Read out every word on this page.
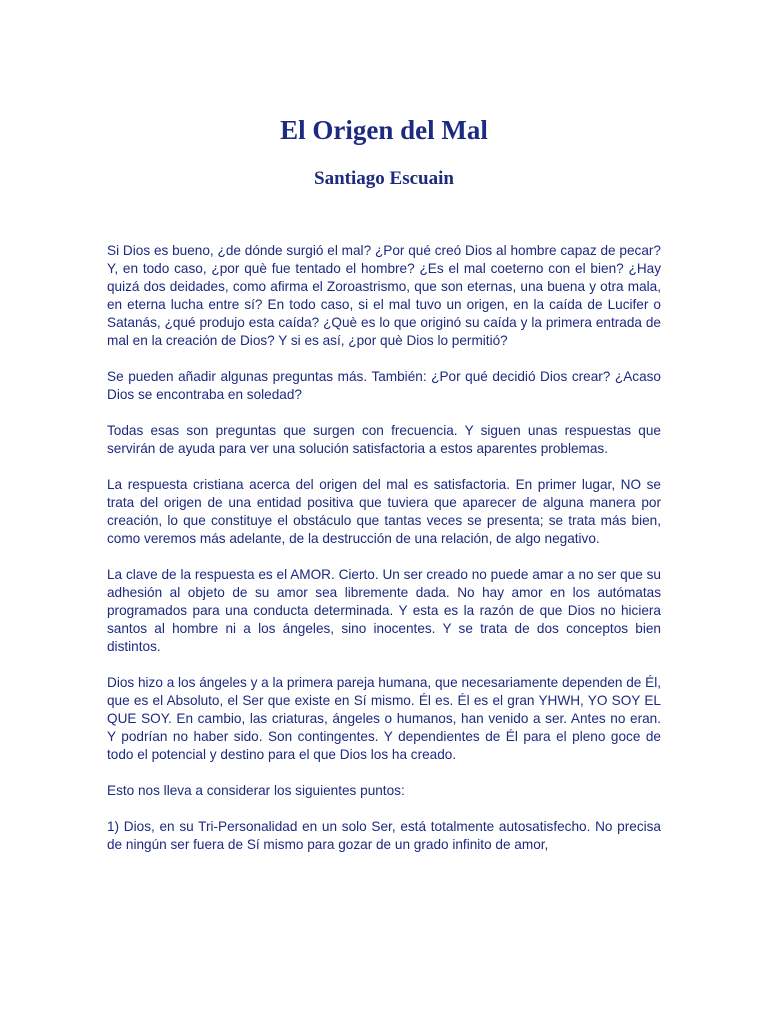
El Origen del Mal
Santiago Escuain

Si Dios es bueno, ¿de dónde surgió el mal? ¿Por qué creó Dios al hombre capaz de pecar? Y, en todo caso, ¿por què fue tentado el hombre? ¿Es el mal coeterno con el bien? ¿Hay quizá dos deidades, como afirma el Zoroastrismo, que son eternas, una buena y otra mala, en eterna lucha entre sí? En todo caso, si el mal tuvo un origen, en la caída de Lucifer o Satanás, ¿qué produjo esta caída? ¿Què es lo que originó su caída y la primera entrada de mal en la creación de Dios? Y si es así, ¿por què Dios lo permitió?

Se pueden añadir algunas preguntas más. También: ¿Por qué decidió Dios crear? ¿Acaso Dios se encontraba en soledad?

Todas esas son preguntas que surgen con frecuencia. Y siguen unas respuestas que servirán de ayuda para ver una solución satisfactoria a estos aparentes problemas.

La respuesta cristiana acerca del origen del mal es satisfactoria. En primer lugar, NO se trata del origen de una entidad positiva que tuviera que aparecer de alguna manera por creación, lo que constituye el obstáculo que tantas veces se presenta; se trata más bien, como veremos más adelante, de la destrucción de una relación, de algo negativo.

La clave de la respuesta es el AMOR. Cierto. Un ser creado no puede amar a no ser que su adhesión al objeto de su amor sea libremente dada. No hay amor en los autómatas programados para una conducta determinada. Y esta es la razón de que Dios no hiciera santos al hombre ni a los ángeles, sino inocentes. Y se trata de dos conceptos bien distintos.

Dios hizo a los ángeles y a la primera pareja humana, que necesariamente dependen de Él, que es el Absoluto, el Ser que existe en Sí mismo. Él es. Él es el gran YHWH, YO SOY EL QUE SOY. En cambio, las criaturas, ángeles o humanos, han venido a ser. Antes no eran. Y podrían no haber sido. Son contingentes. Y dependientes de Él para el pleno goce de todo el potencial y destino para el que Dios los ha creado.

Esto nos lleva a considerar los siguientes puntos:

1) Dios, en su Tri-Personalidad en un solo Ser, está totalmente autosatisfecho. No precisa de ningún ser fuera de Sí mismo para gozar de un grado infinito de amor,
